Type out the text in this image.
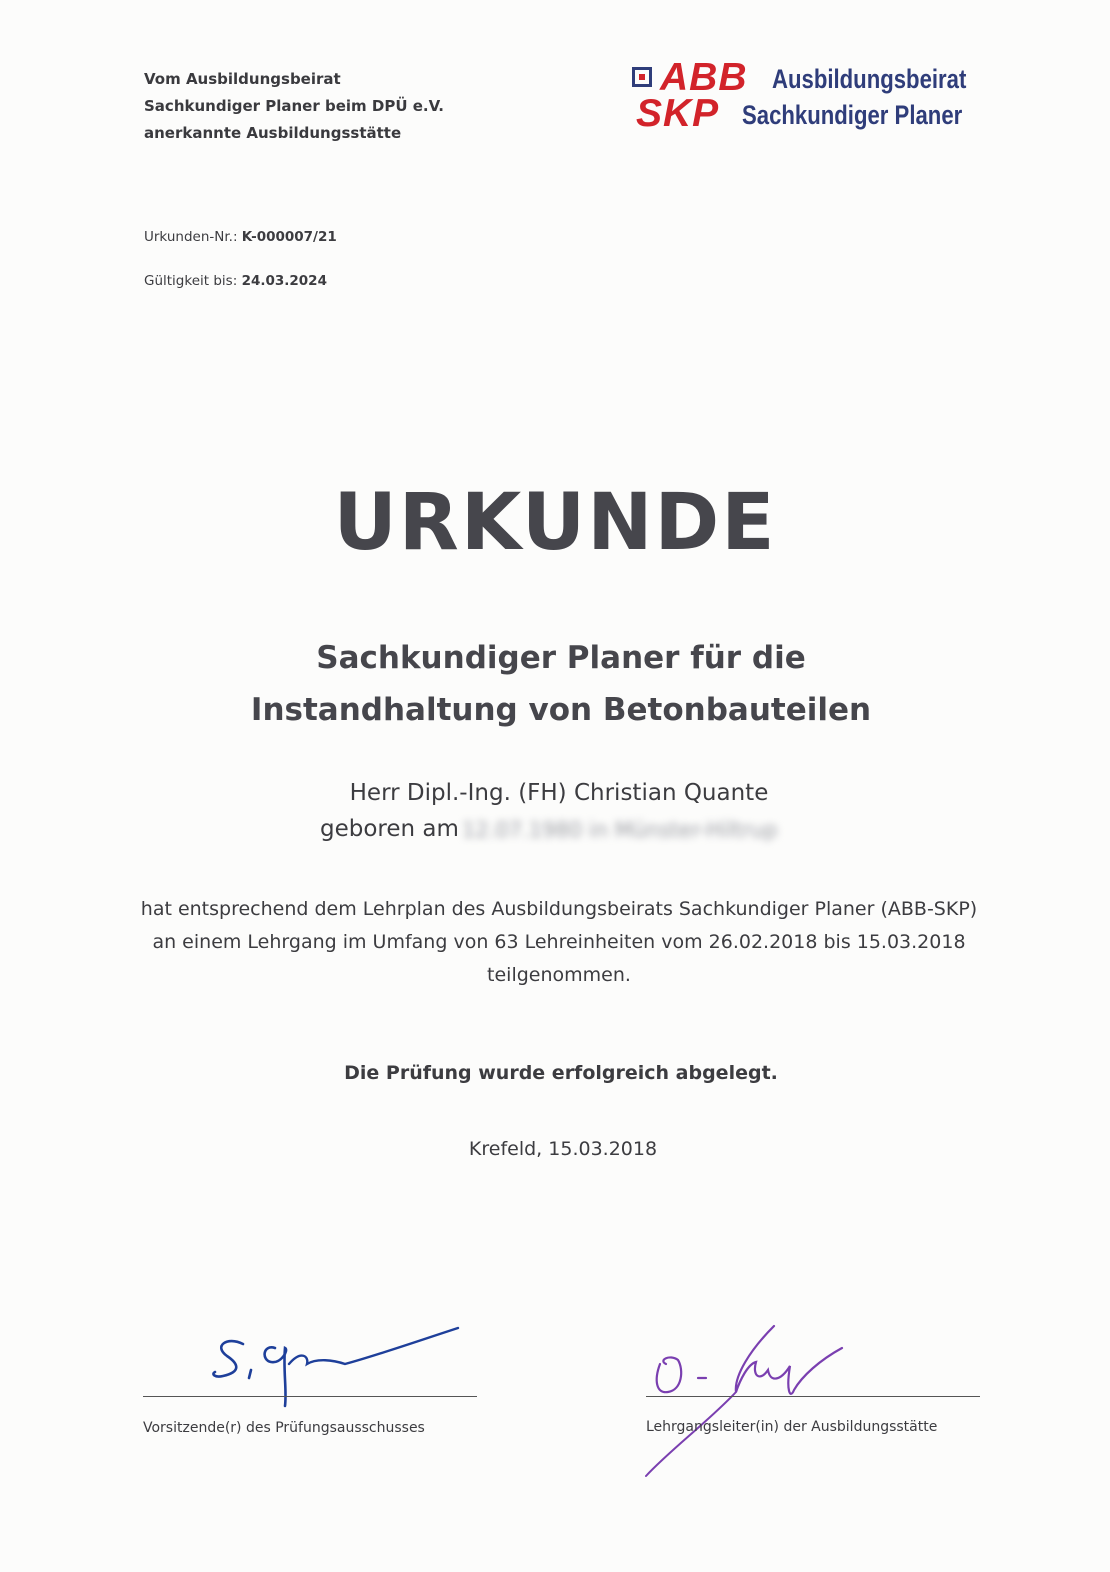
Vom Ausbildungsbeirat
Sachkundiger Planer beim DPÜ e.V.
anerkannte Ausbildungsstätte
ABB
SKP
Ausbildungsbeirat
Sachkundiger Planer
Urkunden-Nr.: K-000007/21
Gültigkeit bis: 24.03.2024
URKUNDE
Sachkundiger Planer für die
Instandhaltung von Betonbauteilen
Herr Dipl.-Ing. (FH) Christian Quante
geboren am 12.07.1980 in Münster-Hiltrup
hat entsprechend dem Lehrplan des Ausbildungsbeirats Sachkundiger Planer (ABB-SKP)
an einem Lehrgang im Umfang von 63 Lehreinheiten vom 26.02.2018 bis 15.03.2018
teilgenommen.
Die Prüfung wurde erfolgreich abgelegt.
Krefeld, 15.03.2018
Vorsitzende(r) des Prüfungsausschusses	Lehrgangsleiter(in) der Ausbildungsstätte
